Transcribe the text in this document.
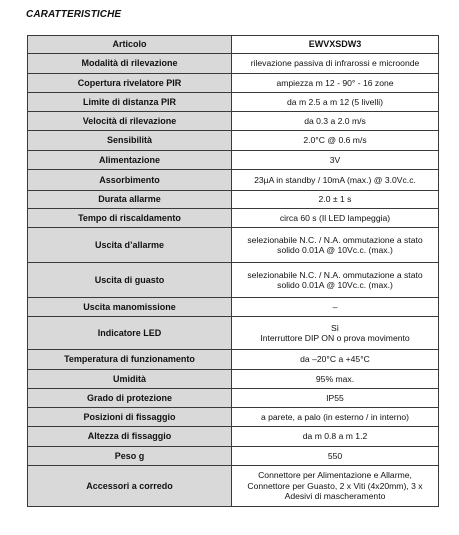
CARATTERISTICHE
Articolo	EWVXSDW3

Modalità di rilevazione	rilevazione passiva di infrarossi e microonde

Copertura rivelatore PIR	ampiezza m 12 - 90° - 16 zone

Limite di distanza PIR	da m 2.5 a m 12 (5 livelli)

Velocità di rilevazione	da 0.3 a 2.0 m/s

Sensibilità	2.0°C @ 0.6 m/s

Alimentazione	3V

Assorbimento	23µA in standby / 10mA (max.) @ 3.0Vc.c.

Durata allarme	2.0 ± 1 s

Tempo di riscaldamento	circa 60 s (Il LED lampeggia)

Uscita d’allarme	selezionabile N.C. / N.A. ommutazione a stato
solido 0.01A @ 10Vc.c. (max.)

Uscita di guasto	selezionabile N.C. / N.A. ommutazione a stato
solido 0.01A @ 10Vc.c. (max.)

Uscita manomissione	–

Indicatore LED	Sì
Interruttore DIP ON o prova movimento

Temperatura di funzionamento	da –20°C a +45°C

Umidità	95% max.

Grado di protezione	IP55

Posizioni di fissaggio	a parete, a palo (in esterno / in interno)

Altezza di fissaggio	da m 0.8 a m 1.2

Peso g	550

Accessori a corredo	Connettore per Alimentazione e Allarme,
Connettore per Guasto, 2 x Viti (4x20mm), 3 x
Adesivi di mascheramento
